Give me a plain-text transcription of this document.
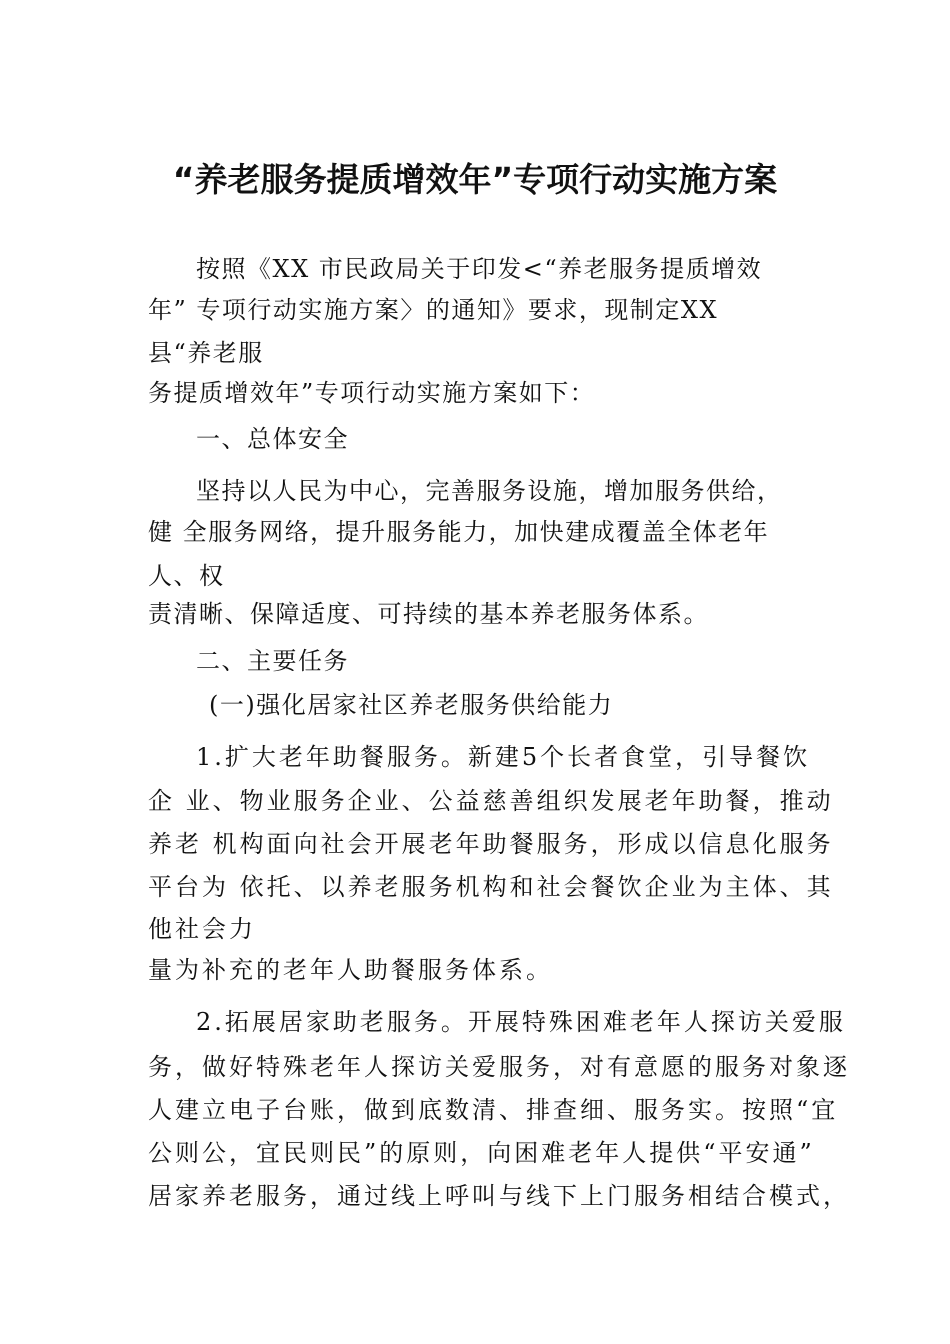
“养老服务提质增效年”专项行动实施方案
按照《XX 市民政局关于印发<“养老服务提质增效
年” 专项行动实施方案〉的通知》要求，现制定XX
县“养老服
务提质增效年”专项行动实施方案如下：
一、总体安全
坚持以人民为中心，完善服务设施，增加服务供给，
健 全服务网络，提升服务能力，加快建成覆盖全体老年
人、权
责清晰、保障适度、可持续的基本养老服务体系。
二、主要任务
(一)强化居家社区养老服务供给能力
1.扩大老年助餐服务。新建5个长者食堂，引导餐饮
企 业、物业服务企业、公益慈善组织发展老年助餐，推动
养老 机构面向社会开展老年助餐服务，形成以信息化服务
平台为 依托、以养老服务机构和社会餐饮企业为主体、其
他社会力
量为补充的老年人助餐服务体系。
2.拓展居家助老服务。开展特殊困难老年人探访关爱服
务，做好特殊老年人探访关爱服务，对有意愿的服务对象逐
人建立电子台账，做到底数清、排查细、服务实。按照“宜
公则公，宜民则民”的原则，向困难老年人提供“平安通”
居家养老服务，通过线上呼叫与线下上门服务相结合模式，
